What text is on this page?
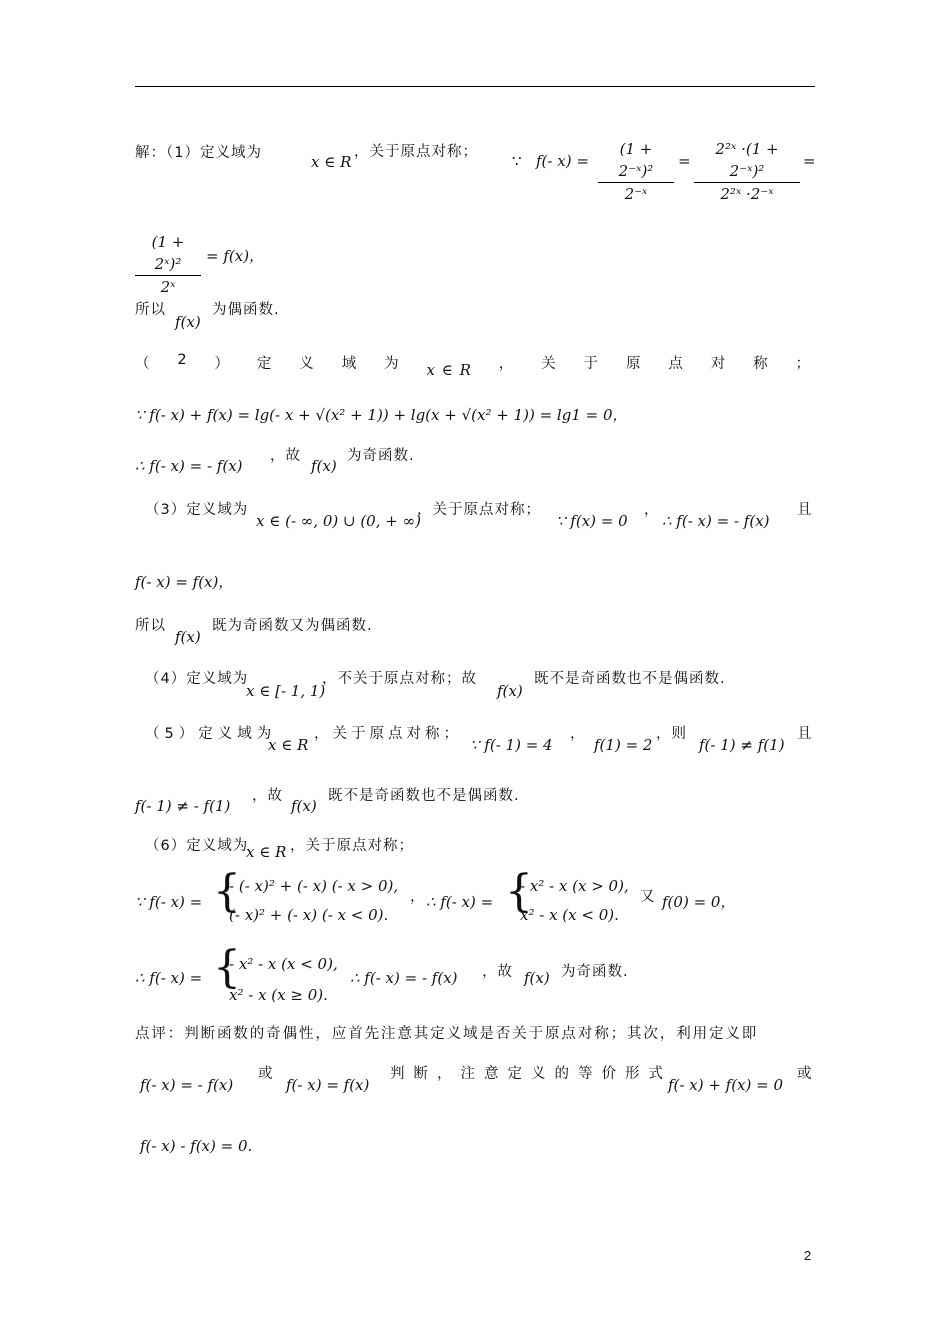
解：（1）定义域为	x ∈ R
，关于原点对称； ∵ f(- $x) = \frac{\text{(1 + 2⁻ˣ)²}}{\text{2⁻ˣ}} = \frac{\text{2²ˣ ·(1 + 2⁻ˣ)²}}{\text{2²ˣ ·2⁻ˣ}}$ =
$\frac{\text{(1 + 2ˣ)²}}{\text{2ˣ}} = f(x)$，
所以
f(x)
为偶函数.
（ 2 ） 定 义 域 为 x ∈ R ， 关 于 原 点 对 称 ；
∵ f(- x) + f(x) = lg(- x + √(x² + 1)) + lg(x + √(x² + 1)) = lg1 = 0，
∴ f(- x) = - f(x)
，故
f(x)
为奇函数.
（3）定义域为
x ∈ (- ∞, 0) ∪ (0, + ∞)
，关于原点对称；
∵ f(x) = 0
，
∴ f(- x) = - f(x)
且
f(- x) = f(x)，
所以
f(x)
既为奇函数又为偶函数.
（4）定义域为
x ∈ [- 1, 1)
，不关于原点对称；故
f(x)
既不是奇函数也不是偶函数.
（5）定义域为
x ∈ R
，关于原点对称；
∵ f(- 1) = 4
，
f(1) = 2
，则
f(- 1) ≠ f(1)
且
f(- 1) ≠ - f(1)
，故
f(x)
既不是奇函数也不是偶函数.
（6）定义域为
x ∈ R ，关于原点对称；
∵ f(- x) = {
- (- x)² + (- x) (- x > 0),
(- x)² + (- x) (- x < 0).
， ∴ f(- x) = {
- x² - x (x > 0),
x² - x (x < 0).
又 f(0) = 0，
∴ f(- x) = {
- x² - x (x < 0),
x² - x (x ≥ 0).
∴ f(- x) = - f(x) ，故 f(x) 为奇函数.
点评：判断函数的奇偶性，应首先注意其定义域是否关于原点对称；其次，利用定义即
f(- x) = - f(x)
或
f(- x) = f(x)
判断，注意定义的等价形式
f(- x) + f(x) = 0
或
f(- x) - f(x) = 0.
2
